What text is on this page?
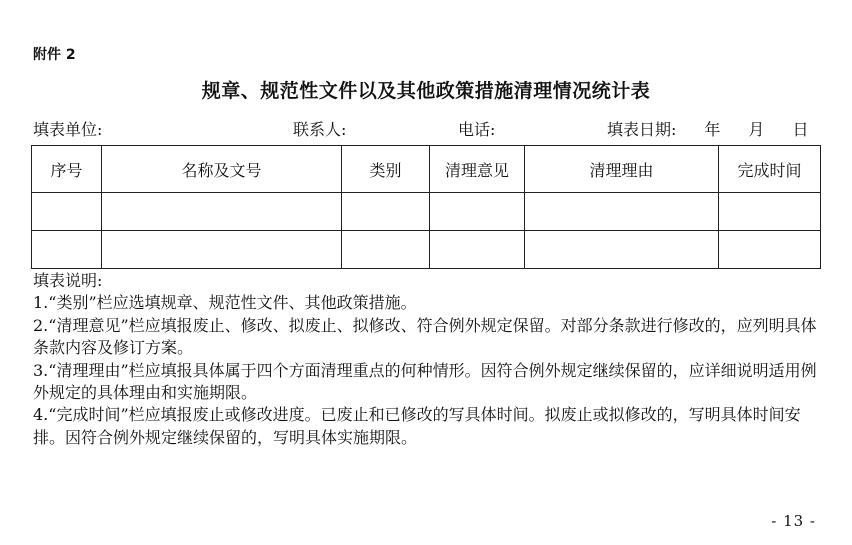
附件 2
规章、规范性文件以及其他政策措施清理情况统计表
填表单位:	联系人:	电话:	填表日期: 年 月 日
序号	名称及文号	类别	清理意见	清理理由	完成时间

填表说明:

1.“类别”栏应选填规章、规范性文件、其他政策措施。

2.“清理意见”栏应填报废止、修改、拟废止、拟修改、符合例外规定保留。对部分条款进行修改的，应列明具体条款内容及修订方案。

3.“清理理由”栏应填报具体属于四个方面清理重点的何种情形。因符合例外规定继续保留的，应详细说明适用例外规定的具体理由和实施期限。

4.“完成时间”栏应填报废止或修改进度。已废止和已修改的写具体时间。拟废止或拟修改的，写明具体时间安排。因符合例外规定继续保留的，写明具体实施期限。

- 13 -
